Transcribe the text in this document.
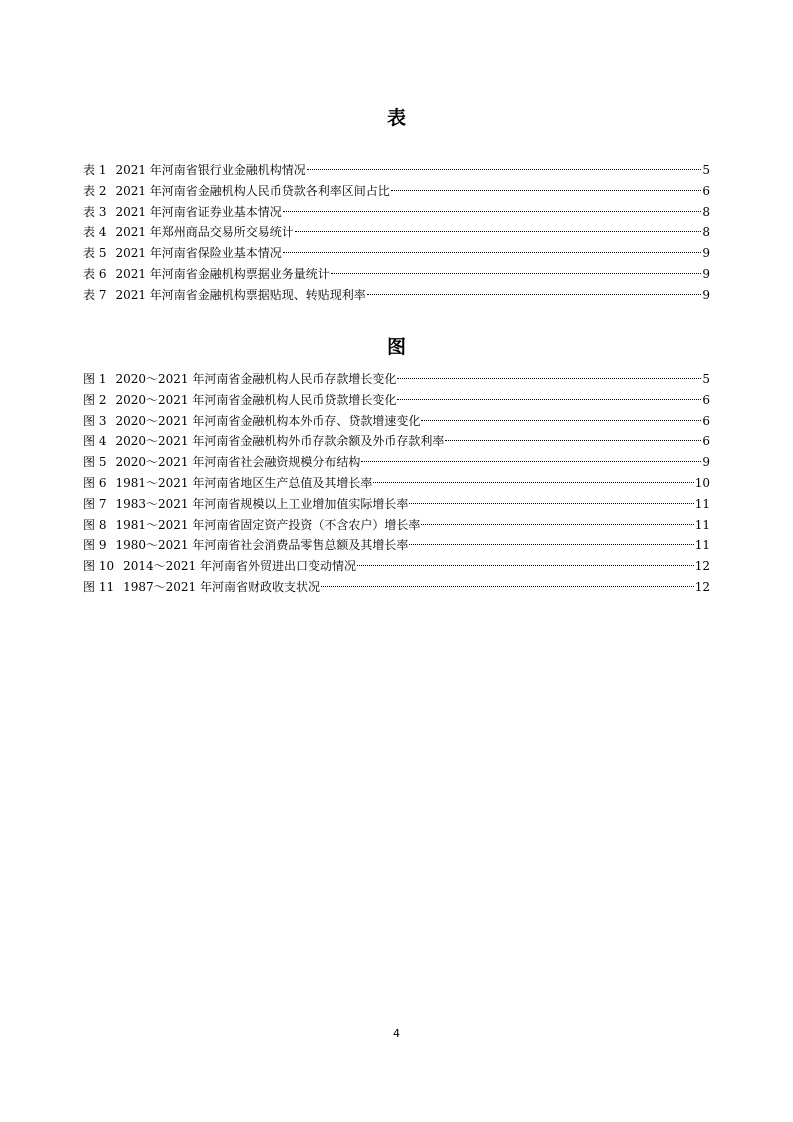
表
表 1 2021 年河南省银行业金融机构情况	5
表 2 2021 年河南省金融机构人民币贷款各利率区间占比	6
表 3 2021 年河南省证券业基本情况	8
表 4 2021 年郑州商品交易所交易统计	8
表 5 2021 年河南省保险业基本情况	9
表 6 2021 年河南省金融机构票据业务量统计	9
表 7 2021 年河南省金融机构票据贴现、转贴现利率	9
图
图 1 2020～2021 年河南省金融机构人民币存款增长变化	5
图 2 2020～2021 年河南省金融机构人民币贷款增长变化	6
图 3 2020～2021 年河南省金融机构本外币存、贷款增速变化	6
图 4 2020～2021 年河南省金融机构外币存款余额及外币存款利率	6
图 5 2020～2021 年河南省社会融资规模分布结构	9
图 6 1981～2021 年河南省地区生产总值及其增长率	10
图 7 1983～2021 年河南省规模以上工业增加值实际增长率	11
图 8 1981～2021 年河南省固定资产投资（不含农户）增长率	11
图 9 1980～2021 年河南省社会消费品零售总额及其增长率	11
图 10 2014～2021 年河南省外贸进出口变动情况	12
图 11 1987～2021 年河南省财政收支状况	12
4
